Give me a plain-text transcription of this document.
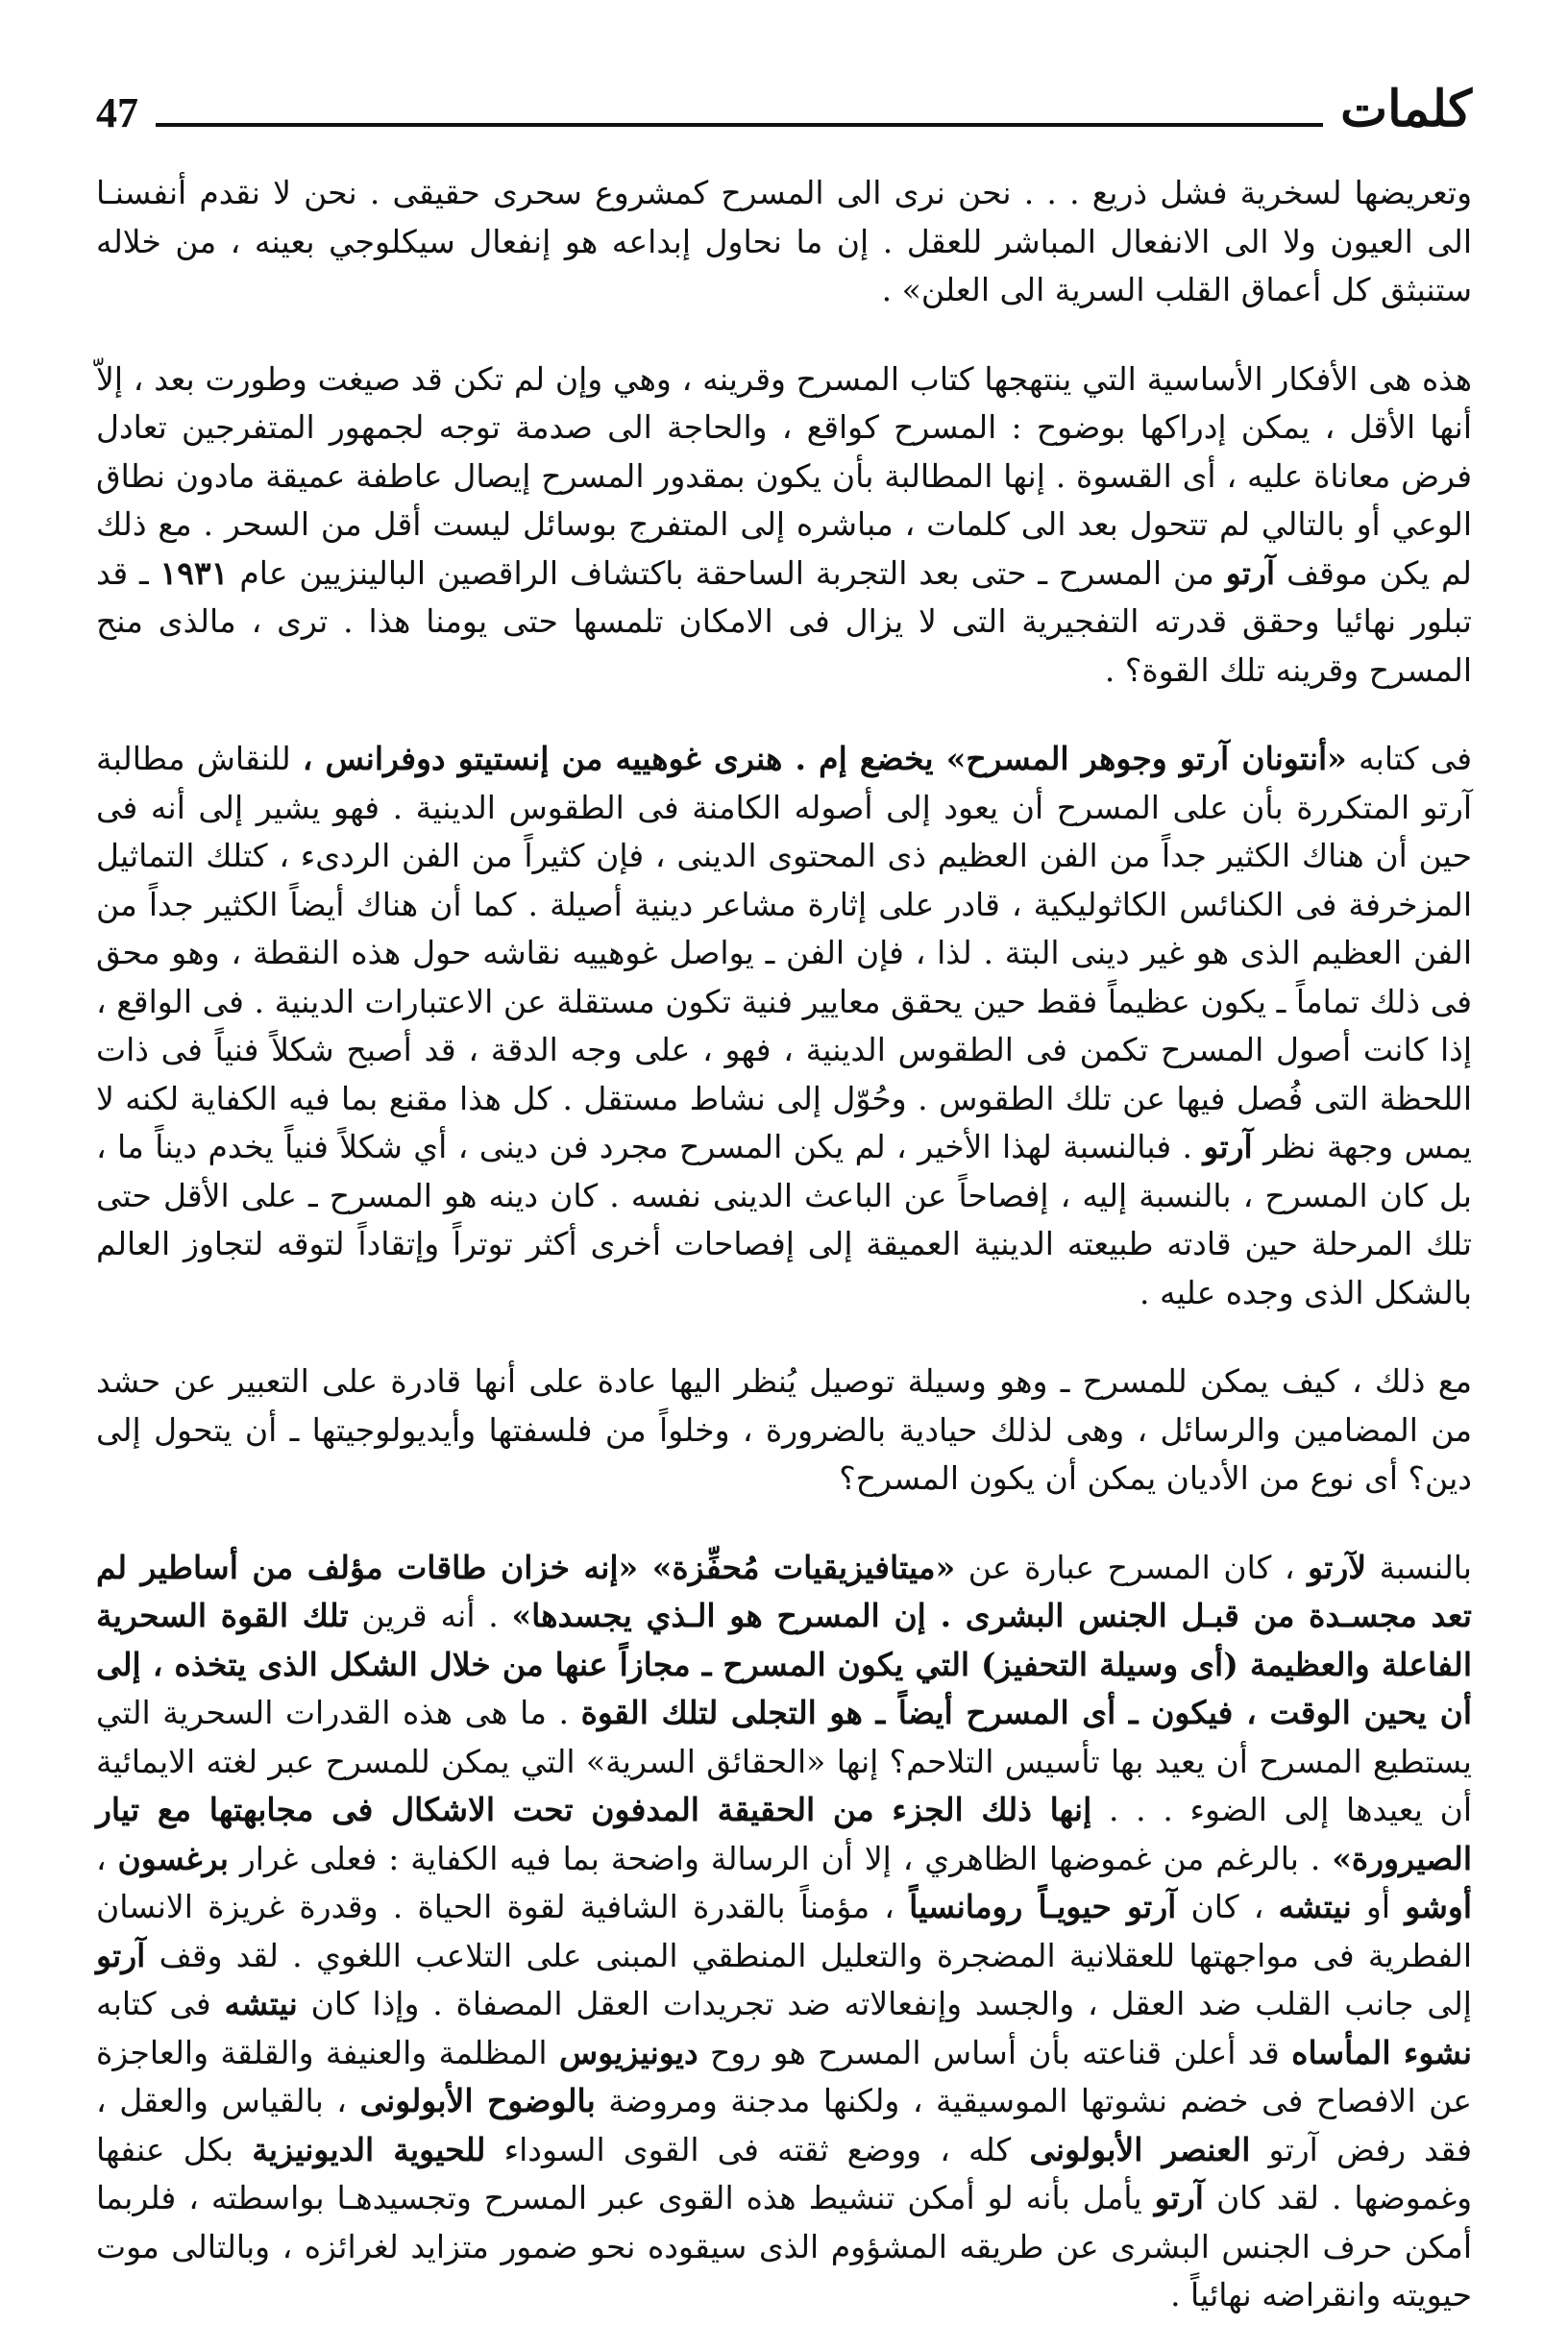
كلمات
47

وتعريضها لسخرية فشل ذريع . . . نحن نرى الى المسرح كمشروع سحرى حقيقى . نحن لا نقدم أنفسنـا الى العيون ولا الى الانفعال المباشر للعقل . إن ما نحاول إبداعه هو إنفعال سيكلوجي بعينه ، من خلاله ستنبثق كل أعماق القلب السرية الى العلن» .

هذه هى الأفكار الأساسية التي ينتهجها كتاب المسرح وقرينه ، وهي وإن لم تكن قد صيغت وطورت بعد ، إلاّ أنها الأقل ، يمكن إدراكها بوضوح : المسرح كواقع ، والحاجة الى صدمة توجه لجمهور المتفرجين تعادل فرض معاناة عليه ، أى القسوة . إنها المطالبة بأن يكون بمقدور المسرح إيصال عاطفة عميقة مادون نطاق الوعي أو بالتالي لم تتحول بعد الى كلمات ، مباشره إلى المتفرج بوسائل ليست أقل من السحر . مع ذلك لم يكن موقف آرتو من المسرح ـ حتى بعد التجربة الساحقة باكتشاف الراقصين البالينزيين عام ١٩٣١ ـ قد تبلور نهائيا وحقق قدرته التفجيرية التى لا يزال فى الامكان تلمسها حتى يومنا هذا . ترى ، مالذى منح المسرح وقرينه تلك القوة؟ .

فى كتابه «أنتونان آرتو وجوهر المسرح» يخضع إم . هنرى غوهييه من إنستيتو دوفرانس ، للنقاش مطالبة آرتو المتكررة بأن على المسرح أن يعود إلى أصوله الكامنة فى الطقوس الدينية . فهو يشير إلى أنه فى حين أن هناك الكثير جداً من الفن العظيم ذى المحتوى الدينى ، فإن كثيراً من الفن الردىء ، كتلك التماثيل المزخرفة فى الكنائس الكاثوليكية ، قادر على إثارة مشاعر دينية أصيلة . كما أن هناك أيضاً الكثير جداً من الفن العظيم الذى هو غير دينى البتة . لذا ، فإن الفن ـ يواصل غوهييه نقاشه حول هذه النقطة ، وهو محق فى ذلك تماماً ـ يكون عظيماً فقط حين يحقق معايير فنية تكون مستقلة عن الاعتبارات الدينية . فى الواقع ، إذا كانت أصول المسرح تكمن فى الطقوس الدينية ، فهو ، على وجه الدقة ، قد أصبح شكلاً فنياً فى ذات اللحظة التى فُصل فيها عن تلك الطقوس . وحُوّل إلى نشاط مستقل . كل هذا مقنع بما فيه الكفاية لكنه لا يمس وجهة نظر آرتو . فبالنسبة لهذا الأخير ، لم يكن المسرح مجرد فن دينى ، أي شكلاً فنياً يخدم ديناً ما ، بل كان المسرح ، بالنسبة إليه ، إفصاحاً عن الباعث الدينى نفسه . كان دينه هو المسرح ـ على الأقل حتى تلك المرحلة حين قادته طبيعته الدينية العميقة إلى إفصاحات أخرى أكثر توتراً وإتقاداً لتوقه لتجاوز العالم بالشكل الذى وجده عليه .

مع ذلك ، كيف يمكن للمسرح ـ وهو وسيلة توصيل يُنظر اليها عادة على أنها قادرة على التعبير عن حشد من المضامين والرسائل ، وهى لذلك حيادية بالضرورة ، وخلواً من فلسفتها وأيديولوجيتها ـ أن يتحول إلى دين؟ أى نوع من الأديان يمكن أن يكون المسرح؟

بالنسبة لآرتو ، كان المسرح عبارة عن «ميتافيزيقيات مُحفِّزة» «إنه خزان طاقات مؤلف من أساطير لم تعد مجسـدة من قبـل الجنس البشرى . إن المسرح هو الـذي يجسدها» . أنه قرين تلك القوة السحرية الفاعلة والعظيمة (أى وسيلة التحفيز) التي يكون المسرح ـ مجازاً عنها من خلال الشكل الذى يتخذه ، إلى أن يحين الوقت ، فيكون ـ أى المسرح أيضاً ـ هو التجلى لتلك القوة . ما هى هذه القدرات السحرية التي يستطيع المسرح أن يعيد بها تأسيس التلاحم؟ إنها «الحقائق السرية» التي يمكن للمسرح عبر لغته الايمائية أن يعيدها إلى الضوء . . . إنها ذلك الجزء من الحقيقة المدفون تحت الاشكال فى مجابهتها مع تيار الصيرورة» . بالرغم من غموضها الظاهري ، إلا أن الرسالة واضحة بما فيه الكفاية : فعلى غرار برغسون ، أوشو أو نيتشه ، كان آرتو حيويـاً رومانسياً ، مؤمناً بالقدرة الشافية لقوة الحياة . وقدرة غريزة الانسان الفطرية فى مواجهتها للعقلانية المضجرة والتعليل المنطقي المبنى على التلاعب اللغوي . لقد وقف آرتو إلى جانب القلب ضد العقل ، والجسد وإنفعالاته ضد تجريدات العقل المصفاة . وإذا كان نيتشه فى كتابه نشوء المأساه قد أعلن قناعته بأن أساس المسرح هو روح ديونيزيوس المظلمة والعنيفة والقلقة والعاجزة عن الافصاح فى خضم نشوتها الموسيقية ، ولكنها مدجنة ومروضة بالوضوح الأبولونى ، بالقياس والعقل ، فقد رفض آرتو العنصر الأبولونى كله ، ووضع ثقته فى القوى السوداء للحيوية الديونيزية بكل عنفها وغموضها . لقد كان آرتو يأمل بأنه لو أمكن تنشيط هذه القوى عبر المسرح وتجسيدهـا بواسطته ، فلربما أمكن حرف الجنس البشرى عن طريقه المشؤوم الذى سيقوده نحو ضمور متزايد لغرائزه ، وبالتالى موت حيويته وانقراضه نهائياً .
